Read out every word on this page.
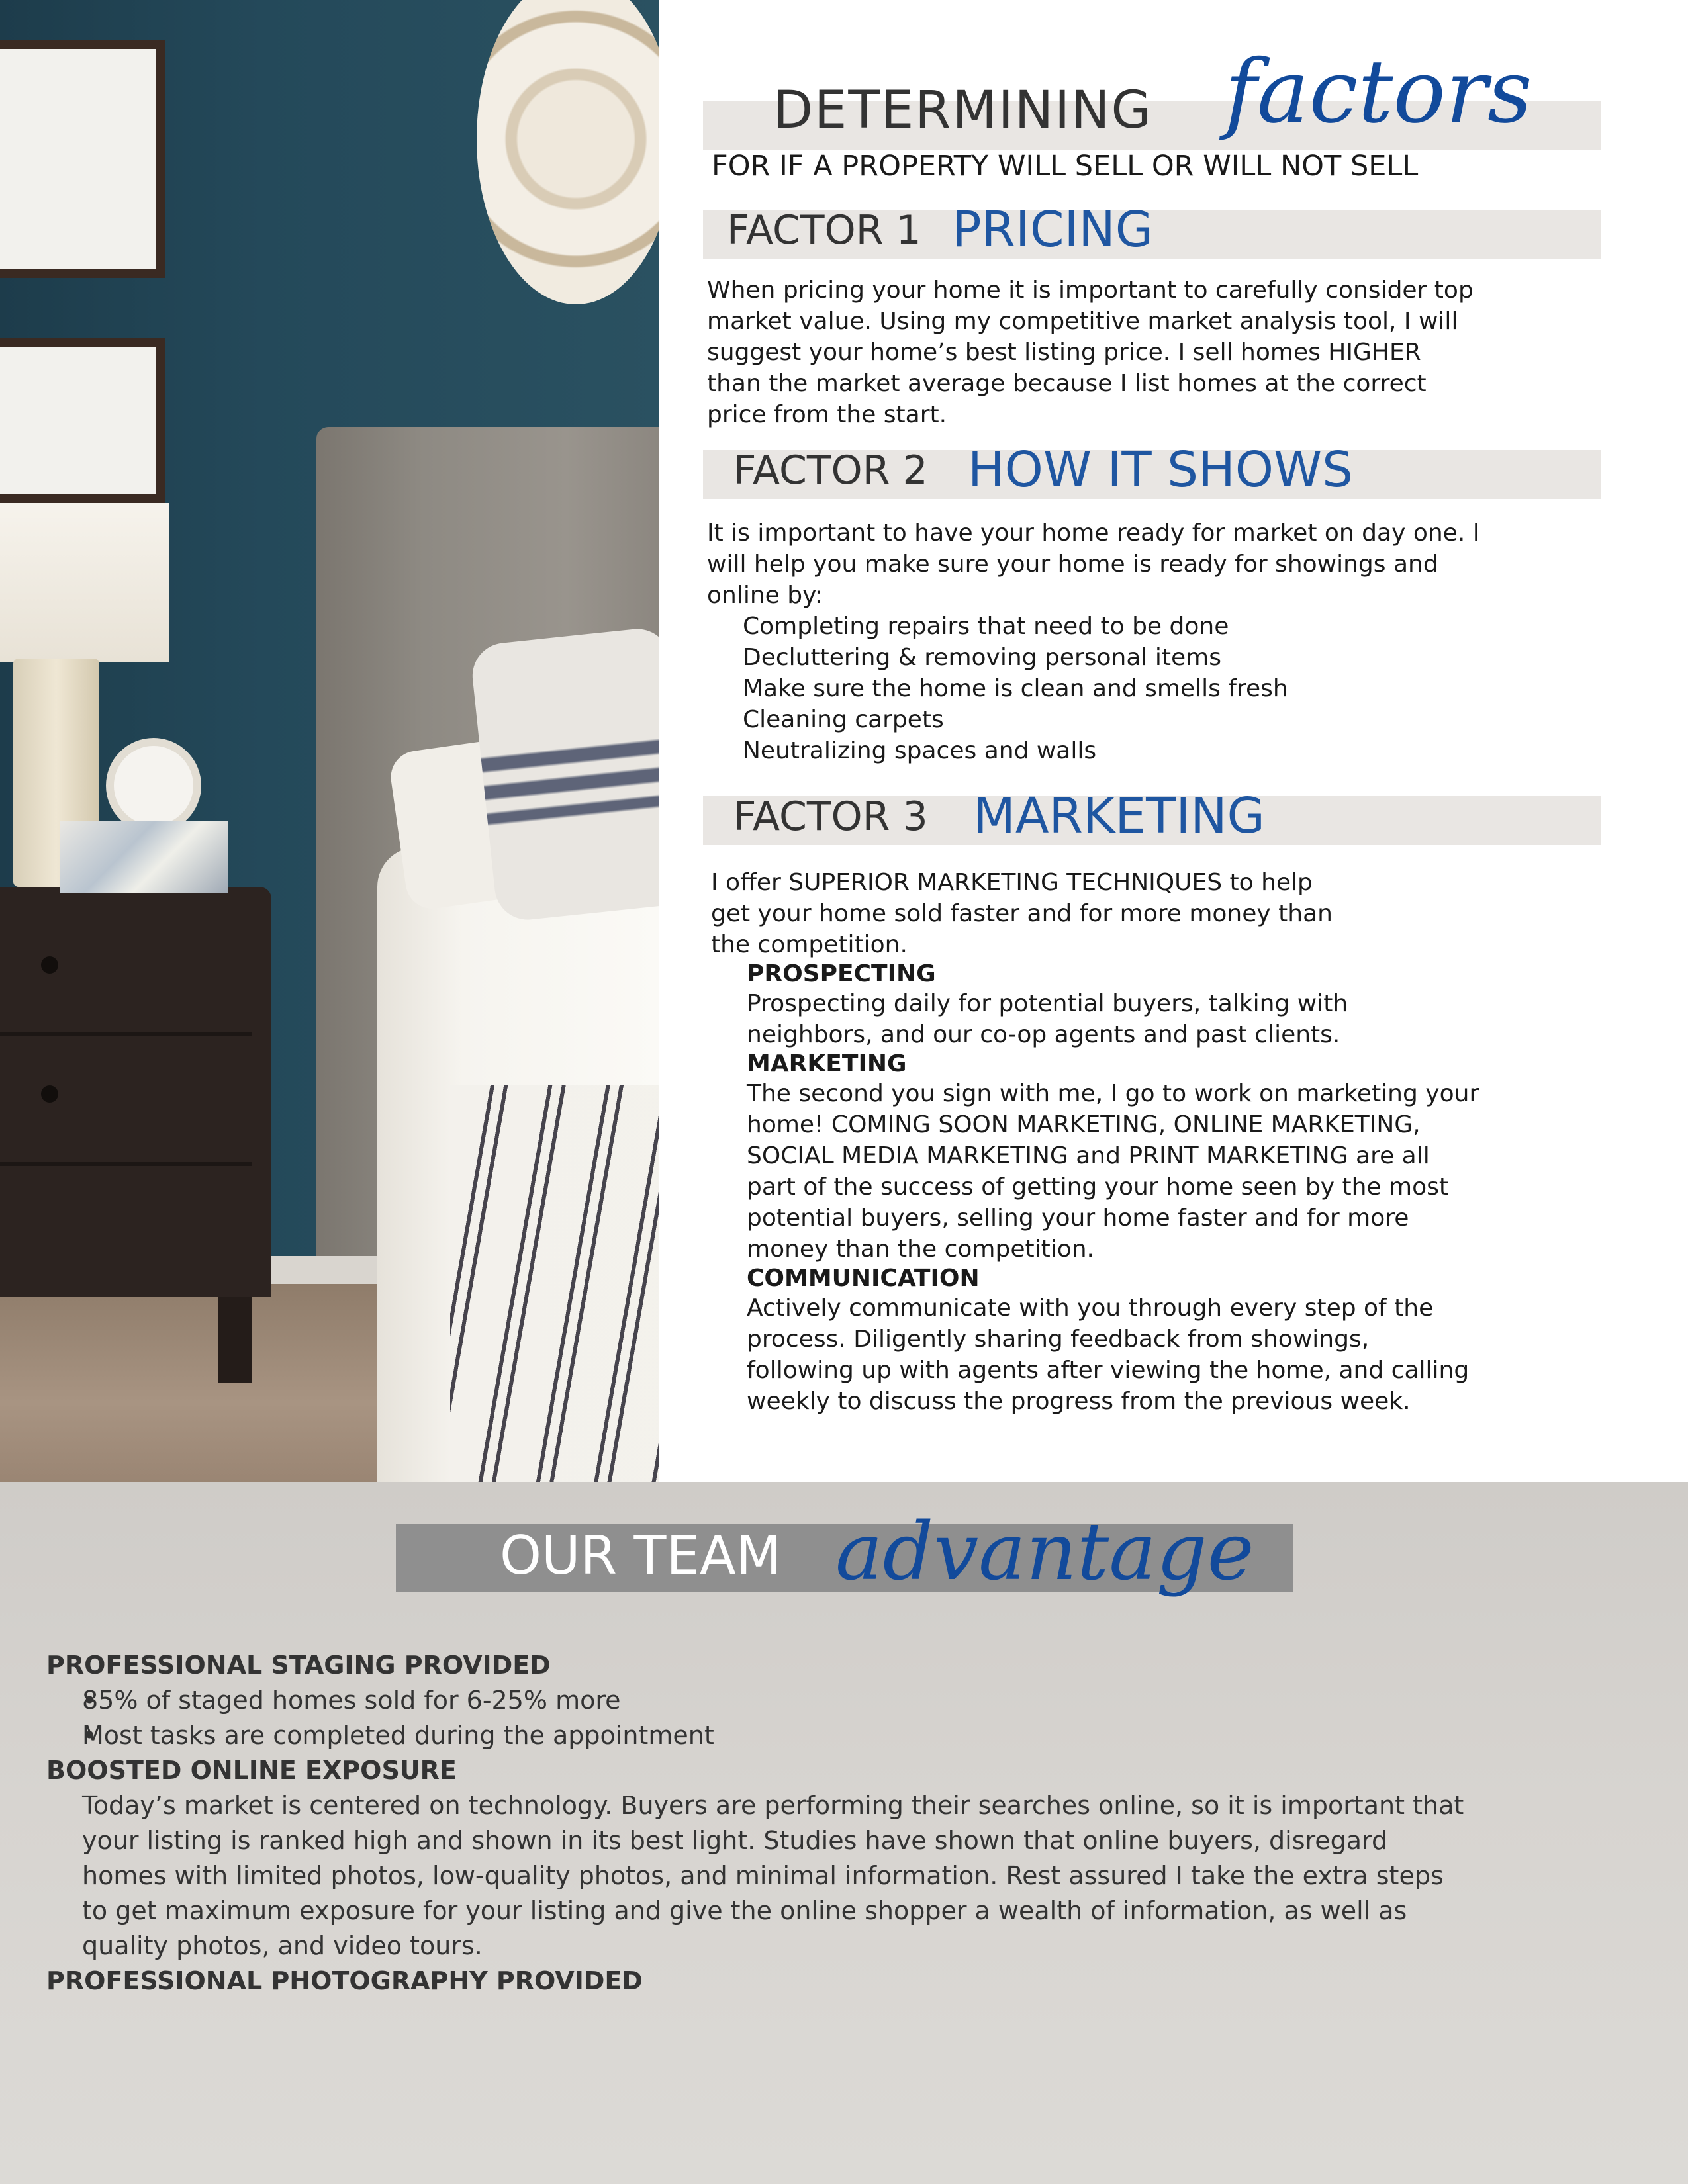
DETERMINING factors
FOR IF A PROPERTY WILL SELL OR WILL NOT SELL
FACTOR 1 PRICING

When pricing your home it is important to carefully consider top

market value. Using my competitive market analysis tool, I will

suggest your home’s best listing price. I sell homes HIGHER

than the market average because I list homes at the correct

price from the start.

FACTOR 2 HOW IT SHOWS

It is important to have your home ready for market on day one. I

will help you make sure your home is ready for showings and

online by:

Completing repairs that need to be done

Decluttering & removing personal items

Make sure the home is clean and smells fresh

Cleaning carpets

Neutralizing spaces and walls

FACTOR 3 MARKETING

I offer SUPERIOR MARKETING TECHNIQUES to help

get your home sold faster and for more money than

the competition.

PROSPECTING

Prospecting daily for potential buyers, talking with

neighbors, and our co-op agents and past clients.

MARKETING

The second you sign with me, I go to work on marketing your

home! COMING SOON MARKETING, ONLINE MARKETING,

SOCIAL MEDIA MARKETING and PRINT MARKETING are all

part of the success of getting your home seen by the most

potential buyers, selling your home faster and for more

money than the competition.

COMMUNICATION

Actively communicate with you through every step of the

process. Diligently sharing feedback from showings,

following up with agents after viewing the home, and calling

weekly to discuss the progress from the previous week.

OUR TEAM advantage

PROFESSIONAL STAGING PROVIDED

85% of staged homes sold for 6-25% more

Most tasks are completed during the appointment

BOOSTED ONLINE EXPOSURE

Today’s market is centered on technology. Buyers are performing their searches online, so it is important that

your listing is ranked high and shown in its best light. Studies have shown that online buyers, disregard

homes with limited photos, low-quality photos, and minimal information. Rest assured I take the extra steps

to get maximum exposure for your listing and give the online shopper a wealth of information, as well as

quality photos, and video tours.

PROFESSIONAL PHOTOGRAPHY PROVIDED
